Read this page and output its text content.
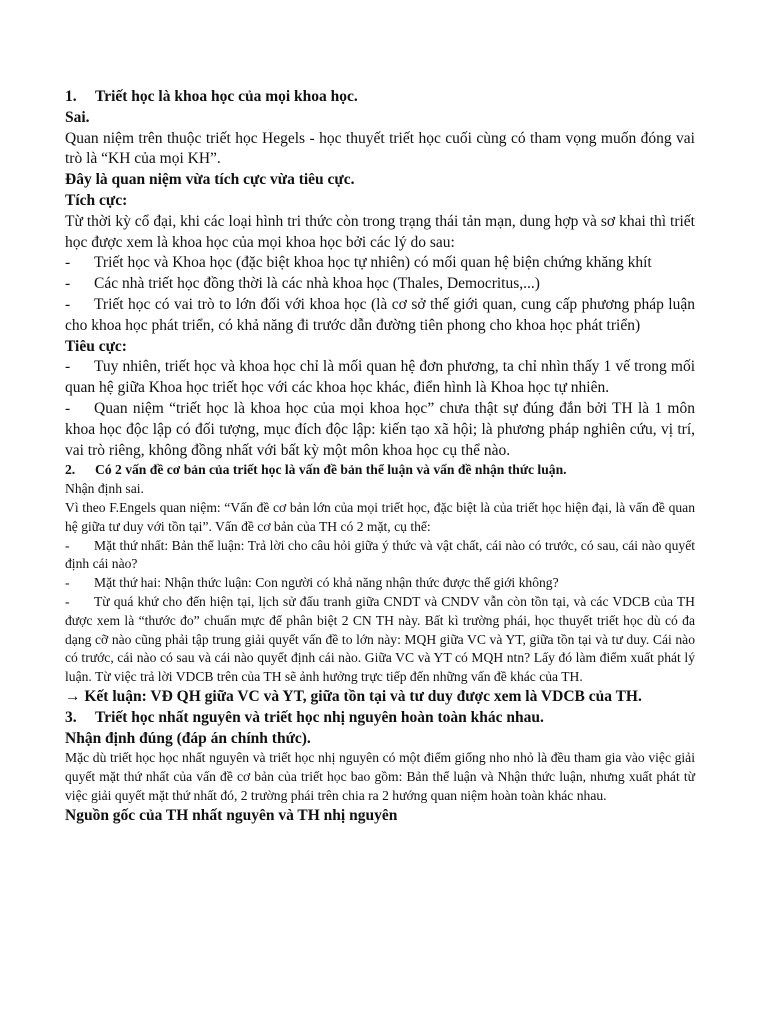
1. Triết học là khoa học của mọi khoa học.

Sai.

Quan niệm trên thuộc triết học Hegels - học thuyết triết học cuối cùng có tham vọng muốn đóng vai trò là “KH của mọi KH”.

Đây là quan niệm vừa tích cực vừa tiêu cực.

Tích cực:

Từ thời kỳ cổ đại, khi các loại hình tri thức còn trong trạng thái tản mạn, dung hợp và sơ khai thì triết học được xem là khoa học của mọi khoa học bởi các lý do sau:

- Triết học và Khoa học (đặc biệt khoa học tự nhiên) có mối quan hệ biện chứng khăng khít

- Các nhà triết học đồng thời là các nhà khoa học (Thales, Democritus,...)

- Triết học có vai trò to lớn đối với khoa học (là cơ sở thế giới quan, cung cấp phương pháp luận cho khoa học phát triển, có khả năng đi trước dẫn đường tiên phong cho khoa học phát triển)

Tiêu cực:

- Tuy nhiên, triết học và khoa học chỉ là mối quan hệ đơn phương, ta chỉ nhìn thấy 1 vế trong mối quan hệ giữa Khoa học triết học với các khoa học khác, điển hình là Khoa học tự nhiên.

- Quan niệm “triết học là khoa học của mọi khoa học” chưa thật sự đúng đắn bởi TH là 1 môn khoa học độc lập có đối tượng, mục đích độc lập: kiến tạo xã hội; là phương pháp nghiên cứu, vị trí, vai trò riêng, không đồng nhất với bất kỳ một môn khoa học cụ thể nào.

2. Có 2 vấn đề cơ bản của triết học là vấn đề bản thể luận và vấn đề nhận thức luận.

Nhận định sai.

Vì theo F.Engels quan niệm: “Vấn đề cơ bản lớn của mọi triết học, đặc biệt là của triết học hiện đại, là vấn đề quan hệ giữa tư duy với tồn tại”. Vấn đề cơ bản của TH có 2 mặt, cụ thể:

- Mặt thứ nhất: Bản thể luận: Trả lời cho câu hỏi giữa ý thức và vật chất, cái nào có trước, có sau, cái nào quyết định cái nào?

- Mặt thứ hai: Nhận thức luận: Con người có khả năng nhận thức được thế giới không?

- Từ quá khứ cho đến hiện tại, lịch sử đấu tranh giữa CNDT và CNDV vẫn còn tồn tại, và các VDCB của TH được xem là “thước đo” chuẩn mực để phân biệt 2 CN TH này. Bất kì trường phái, học thuyết triết học dù có đa dạng cỡ nào cũng phải tập trung giải quyết vấn đề to lớn này: MQH giữa VC và YT, giữa tồn tại và tư duy. Cái nào có trước, cái nào có sau và cái nào quyết định cái nào. Giữa VC và YT có MQH ntn? Lấy đó làm điểm xuất phát lý luận. Từ việc trả lời VDCB trên của TH sẽ ảnh hưởng trực tiếp đến những vấn đề khác của TH.

→ Kết luận: VĐ QH giữa VC và YT, giữa tồn tại và tư duy được xem là VDCB của TH.

3. Triết học nhất nguyên và triết học nhị nguyên hoàn toàn khác nhau.

Nhận định đúng (đáp án chính thức).

Mặc dù triết học học nhất nguyên và triết học nhị nguyên có một điểm giống nho nhỏ là đều tham gia vào việc giải quyết mặt thứ nhất của vấn đề cơ bản của triết học bao gồm: Bản thể luận và Nhận thức luận, nhưng xuất phát từ việc giải quyết mặt thứ nhất đó, 2 trường phái trên chia ra 2 hướng quan niệm hoàn toàn khác nhau.

Nguồn gốc của TH nhất nguyên và TH nhị nguyên
